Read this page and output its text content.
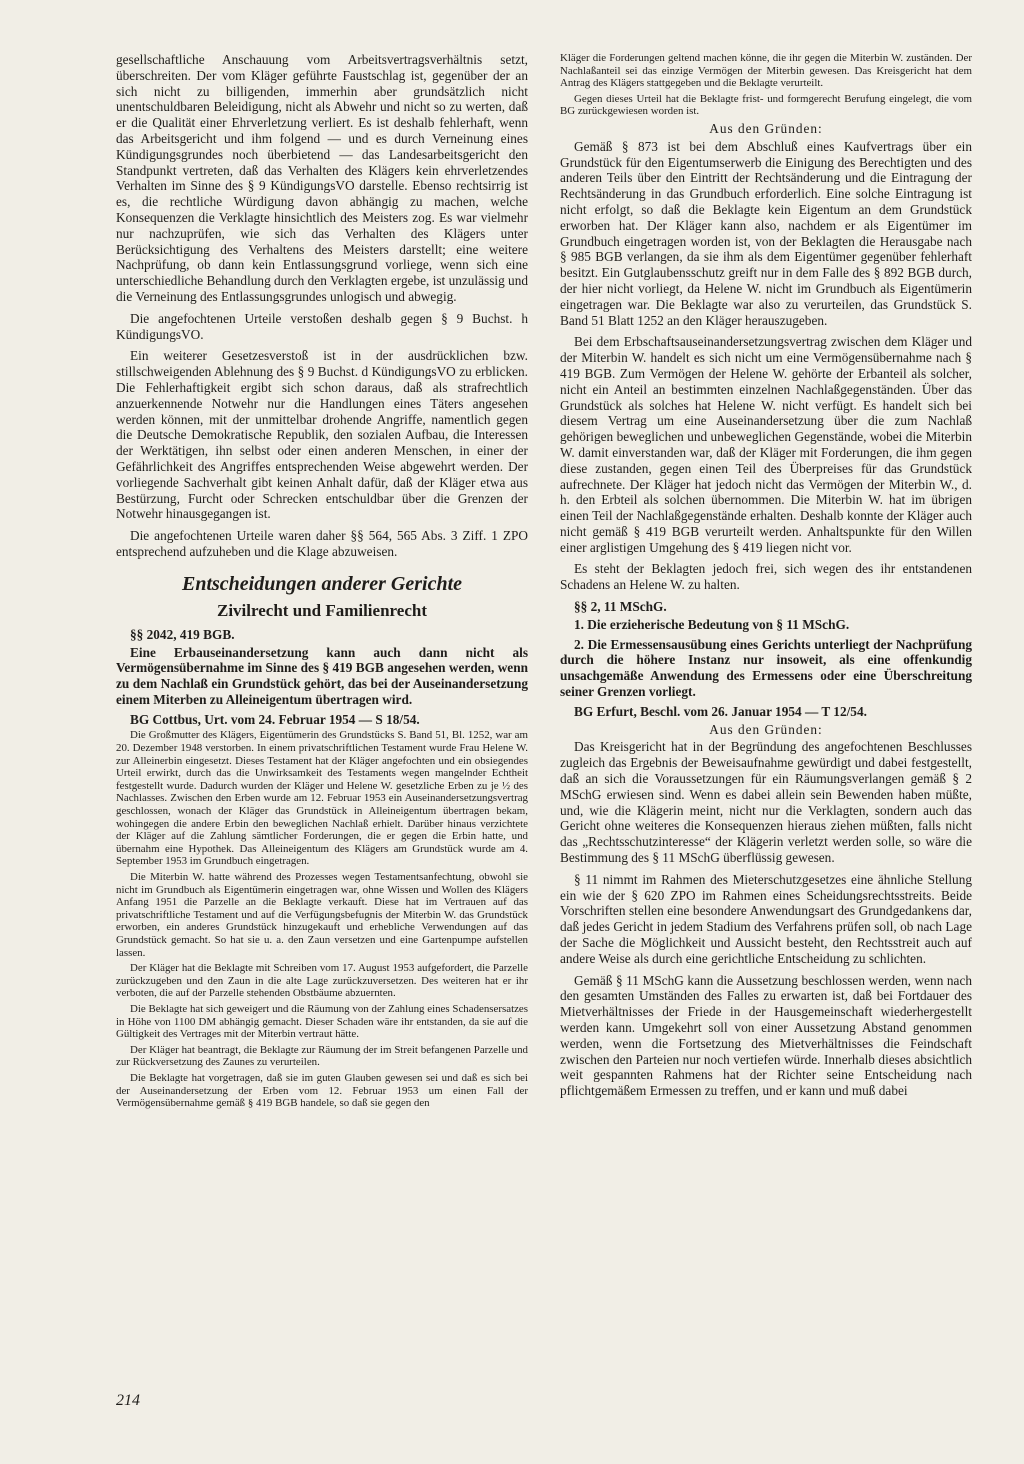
gesellschaftliche Anschauung vom Arbeitsvertragsverhältnis setzt, überschreiten. Der vom Kläger geführte Faustschlag ist, gegenüber der an sich nicht zu billigenden, immerhin aber grundsätzlich nicht unentschuldbaren Beleidigung, nicht als Abwehr und nicht so zu werten, daß er die Qualität einer Ehrverletzung verliert. Es ist deshalb fehlerhaft, wenn das Arbeitsgericht und ihm folgend — und es durch Verneinung eines Kündigungsgrundes noch überbietend — das Landesarbeitsgericht den Standpunkt vertreten, daß das Verhalten des Klägers kein ehrverletzendes Verhalten im Sinne des § 9 KündigungsVO darstelle. Ebenso rechtsirrig ist es, die rechtliche Würdigung davon abhängig zu machen, welche Konsequenzen die Verklagte hinsichtlich des Meisters zog. Es war vielmehr nur nachzuprüfen, wie sich das Verhalten des Klägers unter Berücksichtigung des Verhaltens des Meisters darstellt; eine weitere Nachprüfung, ob dann kein Entlassungsgrund vorliege, wenn sich eine unterschiedliche Behandlung durch den Verklagten ergebe, ist unzulässig und die Verneinung des Entlassungsgrundes unlogisch und abwegig.

Die angefochtenen Urteile verstoßen deshalb gegen § 9 Buchst. h KündigungsVO.

Ein weiterer Gesetzesverstoß ist in der ausdrücklichen bzw. stillschweigenden Ablehnung des § 9 Buchst. d KündigungsVO zu erblicken. Die Fehlerhaftigkeit ergibt sich schon daraus, daß als strafrechtlich anzuerkennende Notwehr nur die Handlungen eines Täters angesehen werden können, mit der unmittelbar drohende Angriffe, namentlich gegen die Deutsche Demokratische Republik, den sozialen Aufbau, die Interessen der Werktätigen, ihn selbst oder einen anderen Menschen, in einer der Gefährlichkeit des Angriffes entsprechenden Weise abgewehrt werden. Der vorliegende Sachverhalt gibt keinen Anhalt dafür, daß der Kläger etwa aus Bestürzung, Furcht oder Schrecken entschuldbar über die Grenzen der Notwehr hinausgegangen ist.

Die angefochtenen Urteile waren daher §§ 564, 565 Abs. 3 Ziff. 1 ZPO entsprechend aufzuheben und die Klage abzuweisen.

Entscheidungen anderer Gerichte
Zivilrecht und Familienrecht
§§ 2042, 419 BGB.

Eine Erbauseinandersetzung kann auch dann nicht als Vermögensübernahme im Sinne des § 419 BGB angesehen werden, wenn zu dem Nachlaß ein Grundstück gehört, das bei der Auseinandersetzung einem Miterben zu Alleineigentum übertragen wird.

BG Cottbus, Urt. vom 24. Februar 1954 — S 18/54.

Die Großmutter des Klägers, Eigentümerin des Grundstücks S. Band 51, Bl. 1252, war am 20. Dezember 1948 verstorben. In einem privatschriftlichen Testament wurde Frau Helene W. zur Alleinerbin eingesetzt. Dieses Testament hat der Kläger angefochten und ein obsiegendes Urteil erwirkt, durch das die Unwirksamkeit des Testaments wegen mangelnder Echtheit festgestellt wurde. Dadurch wurden der Kläger und Helene W. gesetzliche Erben zu je ½ des Nachlasses. Zwischen den Erben wurde am 12. Februar 1953 ein Auseinandersetzungsvertrag geschlossen, wonach der Kläger das Grundstück in Alleineigentum übertragen bekam, wohingegen die andere Erbin den beweglichen Nachlaß erhielt. Darüber hinaus verzichtete der Kläger auf die Zahlung sämtlicher Forderungen, die er gegen die Erbin hatte, und übernahm eine Hypothek. Das Alleineigentum des Klägers am Grundstück wurde am 4. September 1953 im Grundbuch eingetragen.

Die Miterbin W. hatte während des Prozesses wegen Testamentsanfechtung, obwohl sie nicht im Grundbuch als Eigentümerin eingetragen war, ohne Wissen und Wollen des Klägers Anfang 1951 die Parzelle an die Beklagte verkauft. Diese hat im Vertrauen auf das privatschriftliche Testament und auf die Verfügungsbefugnis der Miterbin W. das Grundstück erworben, ein anderes Grundstück hinzugekauft und erhebliche Verwendungen auf das Grundstück gemacht. So hat sie u. a. den Zaun versetzen und eine Gartenpumpe aufstellen lassen.

Der Kläger hat die Beklagte mit Schreiben vom 17. August 1953 aufgefordert, die Parzelle zurückzugeben und den Zaun in die alte Lage zurückzuversetzen. Des weiteren hat er ihr verboten, die auf der Parzelle stehenden Obstbäume abzuernten.

Die Beklagte hat sich geweigert und die Räumung von der Zahlung eines Schadensersatzes in Höhe von 1100 DM abhängig gemacht. Dieser Schaden wäre ihr entstanden, da sie auf die Gültigkeit des Vertrages mit der Miterbin vertraut hätte.

Der Kläger hat beantragt, die Beklagte zur Räumung der im Streit befangenen Parzelle und zur Rückversetzung des Zaunes zu verurteilen.

Die Beklagte hat vorgetragen, daß sie im guten Glauben gewesen sei und daß es sich bei der Auseinandersetzung der Erben vom 12. Februar 1953 um einen Fall der Vermögensübernahme gemäß § 419 BGB handele, so daß sie gegen den

Kläger die Forderungen geltend machen könne, die ihr gegen die Miterbin W. zuständen. Der Nachlaßanteil sei das einzige Vermögen der Miterbin gewesen. Das Kreisgericht hat dem Antrag des Klägers stattgegeben und die Beklagte verurteilt.

Gegen dieses Urteil hat die Beklagte frist- und formgerecht Berufung eingelegt, die vom BG zurückgewiesen worden ist.

Aus den Gründen:

Gemäß § 873 ist bei dem Abschluß eines Kaufvertrags über ein Grundstück für den Eigentumserwerb die Einigung des Berechtigten und des anderen Teils über den Eintritt der Rechtsänderung und die Eintragung der Rechtsänderung in das Grundbuch erforderlich. Eine solche Eintragung ist nicht erfolgt, so daß die Beklagte kein Eigentum an dem Grundstück erworben hat. Der Kläger kann also, nachdem er als Eigentümer im Grundbuch eingetragen worden ist, von der Beklagten die Herausgabe nach § 985 BGB verlangen, da sie ihm als dem Eigentümer gegenüber fehlerhaft besitzt. Ein Gutglaubensschutz greift nur in dem Falle des § 892 BGB durch, der hier nicht vorliegt, da Helene W. nicht im Grundbuch als Eigentümerin eingetragen war. Die Beklagte war also zu verurteilen, das Grundstück S. Band 51 Blatt 1252 an den Kläger herauszugeben.

Bei dem Erbschaftsauseinandersetzungsvertrag zwischen dem Kläger und der Miterbin W. handelt es sich nicht um eine Vermögensübernahme nach § 419 BGB. Zum Vermögen der Helene W. gehörte der Erbanteil als solcher, nicht ein Anteil an bestimmten einzelnen Nachlaßgegenständen. Über das Grundstück als solches hat Helene W. nicht verfügt. Es handelt sich bei diesem Vertrag um eine Auseinandersetzung über die zum Nachlaß gehörigen beweglichen und unbeweglichen Gegenstände, wobei die Miterbin W. damit einverstanden war, daß der Kläger mit Forderungen, die ihm gegen diese zustanden, gegen einen Teil des Überpreises für das Grundstück aufrechnete. Der Kläger hat jedoch nicht das Vermögen der Miterbin W., d. h. den Erbteil als solchen übernommen. Die Miterbin W. hat im übrigen einen Teil der Nachlaßgegenstände erhalten. Deshalb konnte der Kläger auch nicht gemäß § 419 BGB verurteilt werden. Anhaltspunkte für den Willen einer arglistigen Umgehung des § 419 liegen nicht vor.

Es steht der Beklagten jedoch frei, sich wegen des ihr entstandenen Schadens an Helene W. zu halten.

§§ 2, 11 MSchG.

1. Die erzieherische Bedeutung von § 11 MSchG.

2. Die Ermessensausübung eines Gerichts unterliegt der Nachprüfung durch die höhere Instanz nur insoweit, als eine offenkundig unsachgemäße Anwendung des Ermessens oder eine Überschreitung seiner Grenzen vorliegt.

BG Erfurt, Beschl. vom 26. Januar 1954 — T 12/54.
Aus den Gründen:

Das Kreisgericht hat in der Begründung des angefochtenen Beschlusses zugleich das Ergebnis der Beweisaufnahme gewürdigt und dabei festgestellt, daß an sich die Voraussetzungen für ein Räumungsverlangen gemäß § 2 MSchG erwiesen sind. Wenn es dabei allein sein Bewenden haben müßte, und, wie die Klägerin meint, nicht nur die Verklagten, sondern auch das Gericht ohne weiteres die Konsequenzen hieraus ziehen müßten, falls nicht das „Rechtsschutzinteresse“ der Klägerin verletzt werden solle, so wäre die Bestimmung des § 11 MSchG überflüssig gewesen.

§ 11 nimmt im Rahmen des Mieterschutzgesetzes eine ähnliche Stellung ein wie der § 620 ZPO im Rahmen eines Scheidungsrechtsstreits. Beide Vorschriften stellen eine besondere Anwendungsart des Grundgedankens dar, daß jedes Gericht in jedem Stadium des Verfahrens prüfen soll, ob nach Lage der Sache die Möglichkeit und Aussicht besteht, den Rechtsstreit auch auf andere Weise als durch eine gerichtliche Entscheidung zu schlichten.

Gemäß § 11 MSchG kann die Aussetzung beschlossen werden, wenn nach den gesamten Umständen des Falles zu erwarten ist, daß bei Fortdauer des Mietverhältnisses der Friede in der Hausgemeinschaft wiederhergestellt werden kann. Umgekehrt soll von einer Aussetzung Abstand genommen werden, wenn die Fortsetzung des Mietverhältnisses die Feindschaft zwischen den Parteien nur noch vertiefen würde. Innerhalb dieses absichtlich weit gespannten Rahmens hat der Richter seine Entscheidung nach pflichtgemäßem Ermessen zu treffen, und er kann und muß dabei

214
